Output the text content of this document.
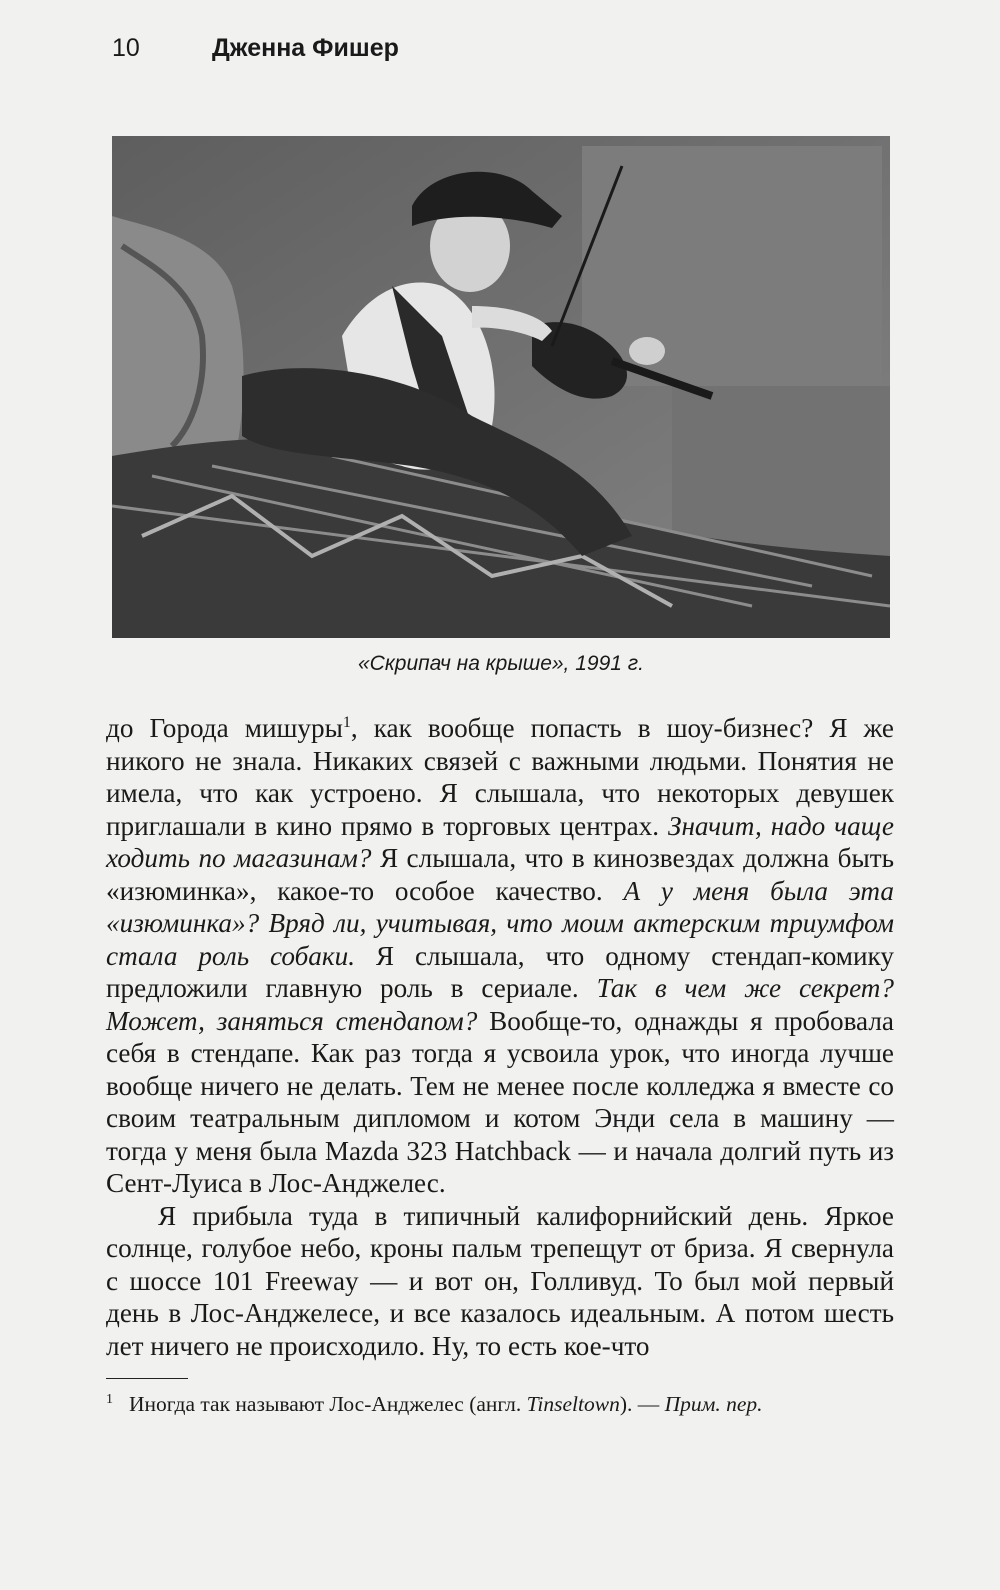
10	Дженна Фишер
«Скрипач на крыше», 1991 г.

до Города мишуры$^1$, как вообще попасть в шоу-бизнес? Я же никого не знала. Никаких связей с важными людьми. Понятия не имела, что как устроено. Я слышала, что некоторых девушек приглашали в кино прямо в торговых центрах. Значит, надо чаще ходить по магазинам? Я слышала, что в кинозвездах должна быть «изюминка», какое-то особое качество. А у меня была эта «изюминка»? Вряд ли, учитывая, что моим актерским триумфом стала роль собаки. Я слышала, что одному стендап-комику предложили главную роль в сериале. Так в чем же секрет? Может, заняться стендапом? Вообще-то, однажды я пробовала себя в стендапе. Как раз тогда я усвоила урок, что иногда лучше вообще ничего не делать. Тем не менее после колледжа я вместе со своим театральным дипломом и котом Энди села в машину — тогда у меня была Mazda 323 Hatchback — и начала долгий путь из Сент-Луиса в Лос-Анджелес.

Я прибыла туда в типичный калифорнийский день. Яркое солнце, голубое небо, кроны пальм трепещут от бриза. Я свернула с шоссе 101 Freeway — и вот он, Голливуд. То был мой первый день в Лос-Анджелесе, и все казалось идеальным. А потом шесть лет ничего не происходило. Ну, то есть кое-что

$^1$ Иногда так называют Лос-Анджелес (англ. Tinseltown). — Прим. пер.
